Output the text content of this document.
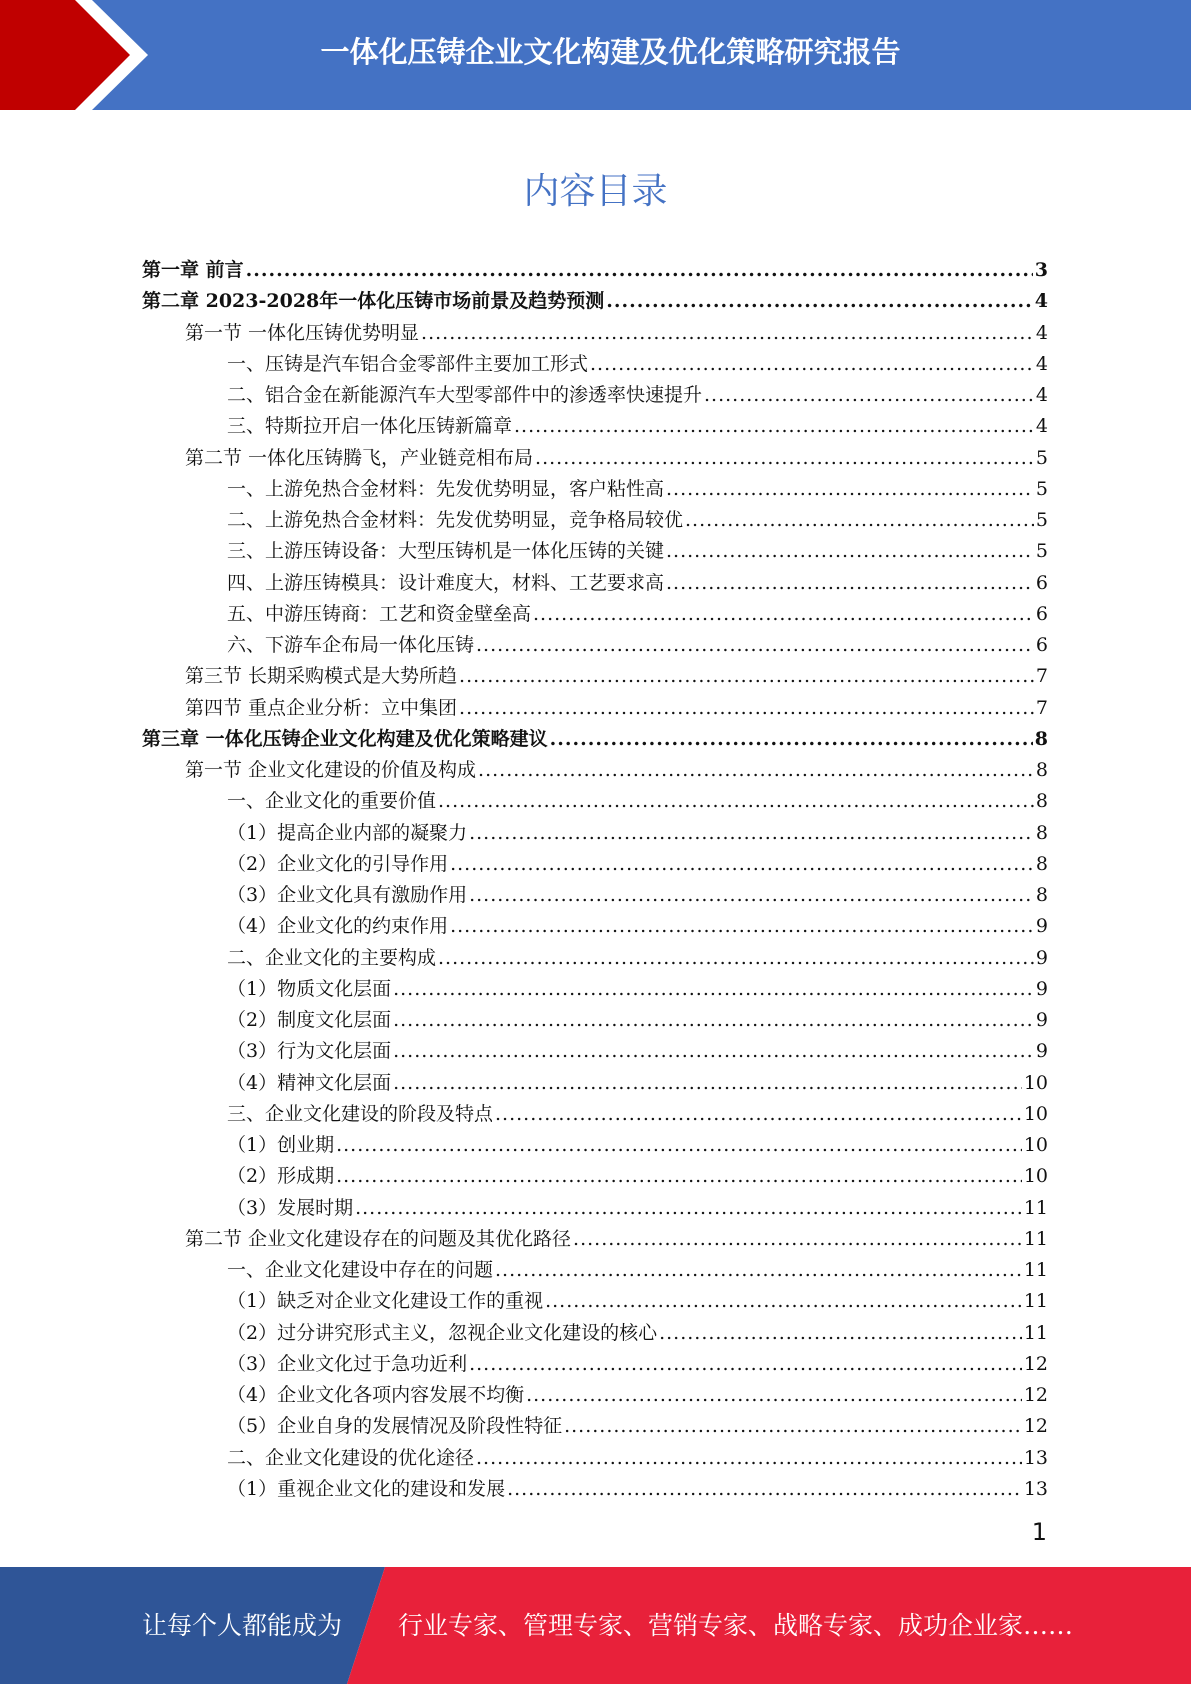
一体化压铸企业文化构建及优化策略研究报告
内容目录
第一章 前言 .....	3
第二章 2023-2028年一体化压铸市场前景及趋势预测 .....	4
第一节 一体化压铸优势明显 .....	4
一、压铸是汽车铝合金零部件主要加工形式 .....	4
二、铝合金在新能源汽车大型零部件中的渗透率快速提升 .....	4
三、特斯拉开启一体化压铸新篇章 .....	4
第二节 一体化压铸腾飞，产业链竞相布局 .....	5
一、上游免热合金材料：先发优势明显，客户粘性高 .....	5
二、上游免热合金材料：先发优势明显，竞争格局较优 .....	5
三、上游压铸设备：大型压铸机是一体化压铸的关键 .....	5
四、上游压铸模具：设计难度大，材料、工艺要求高 .....	6
五、中游压铸商：工艺和资金壁垒高 .....	6
六、下游车企布局一体化压铸 .....	6
第三节 长期采购模式是大势所趋 .....	7
第四节 重点企业分析：立中集团 .....	7
第三章 一体化压铸企业文化构建及优化策略建议 .....	8
第一节 企业文化建设的价值及构成 .....	8
一、企业文化的重要价值 .....	8
（1）提高企业内部的凝聚力 .....	8
（2）企业文化的引导作用 .....	8
（3）企业文化具有激励作用 .....	8
（4）企业文化的约束作用 .....	9
二、企业文化的主要构成 .....	9
（1）物质文化层面 .....	9
（2）制度文化层面 .....	9
（3）行为文化层面 .....	9
（4）精神文化层面 .....	10
三、企业文化建设的阶段及特点 .....	10
（1）创业期 .....	10
（2）形成期 .....	10
（3）发展时期 .....	11
第二节 企业文化建设存在的问题及其优化路径 .....	11
一、企业文化建设中存在的问题 .....	11
（1）缺乏对企业文化建设工作的重视 .....	11
（2）过分讲究形式主义，忽视企业文化建设的核心 .....	11
（3）企业文化过于急功近利 .....	12
（4）企业文化各项内容发展不均衡 .....	12
（5）企业自身的发展情况及阶段性特征 .....	12
二、企业文化建设的优化途径 .....	13
（1）重视企业文化的建设和发展 .....	13
1
让每个人都能成为 行业专家、管理专家、营销专家、战略专家、成功企业家……
